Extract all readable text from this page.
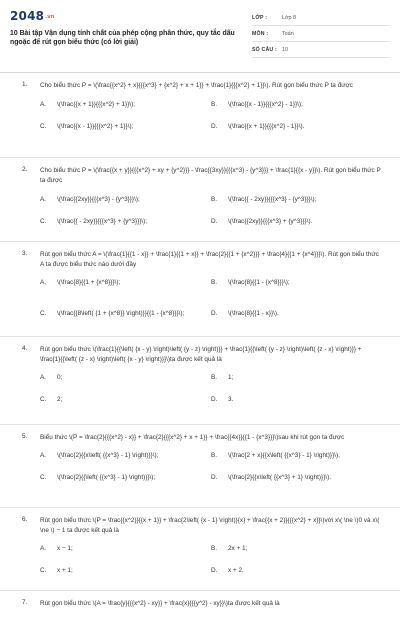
2048.vn
10 Bài tập Vận dụng tính chất của phép cộng phân thức, quy tắc dấu ngoặc để rút gọn biểu thức (có lời giải)
LỚP :	Lớp 8
MÔN :	Toán
SỐ CÂU : 10
1.	Cho biểu thức P = \(\frac{{x^2} + x}{{{x^3} + {x^2} + x + 1}} + \frac{1}{{{x^2} + 1}}\). Rút gọn biểu thức P ta được
A.	\(\frac{{x + 1}}{{{x^2} + 1}}\);	B.	\(\frac{{x - 1}}{{{x^2} - 1}}\);
C.	\(\frac{{x - 1}}{{{x^2} + 1}}\);	D.	\(\frac{{x + 1}}{{{x^2} - 1}}\).
2.	Cho biểu thức P = \(\frac{{x + y}}{{{x^2} + xy + {y^2}}} - \frac{{3xy}}{{{x^3} - {y^3}}} + \frac{1}{{x - y}}\). Rút gọn biểu thức P ta được
A.	\(\frac{{2xy}}{{{x^3} - {y^3}}}\);	B.	\(\frac{{ - 2xy}}{{{x^3} - {y^3}}}\);
C.	\(\frac{{ - 2xy}}{{{x^3} + {y^3}}}\);	D.	\(\frac{{2xy}}{{{x^3} + {y^3}}}\).
3.	Rút gọn biểu thức A = \(\frac{1}{{1 - x}} + \frac{1}{{1 + x}} + \frac{2}{{1 + {x^2}}} + \frac{4}{{1 + {x^4}}}\). Rút gọn biểu thức A ta được biểu thức nào dưới đây
A.	\(\frac{8}{{1 + {x^8}}}\);	B.	\(\frac{8}{{1 - {x^8}}}\);
C.	\(\frac{{8\left( {1 + {x^8}} \right)}}{{1 - {x^8}}}\);	D.	\(\frac{8}{{1 - x}}\).
4.	Rút gọn biểu thức \(\frac{1}{{\left( {x - y} \right)\left( {y - z} \right)}} + \frac{1}{{\left( {y - z} \right)\left( {z - x} \right)}} + \frac{1}{{\left( {z - x} \right)\left( {x - y} \right)}}\)ta được kết quả là
A.	0;	B.	1;
C.	2;	D.	3.
5.	Biểu thức \(P = \frac{2}{{{x^2} - x}} + \frac{2}{{{x^2} + x + 1}} + \frac{{4x}}{{1 - {x^3}}}\)sau khi rút gọn ta được
A.	\(\frac{2}{{x\left( {{x^3} - 1} \right)}}\);	B.	\(\frac{2 + x}{{x\left( {{x^3} - 1} \right)}}\);
C.	\(\frac{2}{{\left( {{x^3} - 1} \right)}}\);	D.	\(\frac{2}{{x\left( {{x^3} + 1} \right)}}\).
6.	Rút gọn biểu thức \(P = \frac{{x^2}}{{x + 1}} + \frac{2\left( {x - 1} \right)}{x} + \frac{{x + 2}}{{{x^2} + x}}\)với x\( \ne \)0 và x\( \ne \) − 1 ta được kết quả là
A.	x − 1;	B.	2x + 1;
C.	x + 1;	D.	x + 2.
7.	Rút gọn biểu thức \(A = \frac{y}{{{x^2} - xy}} + \frac{x}{{{y^2} - xy}}\)ta được kết quả là
